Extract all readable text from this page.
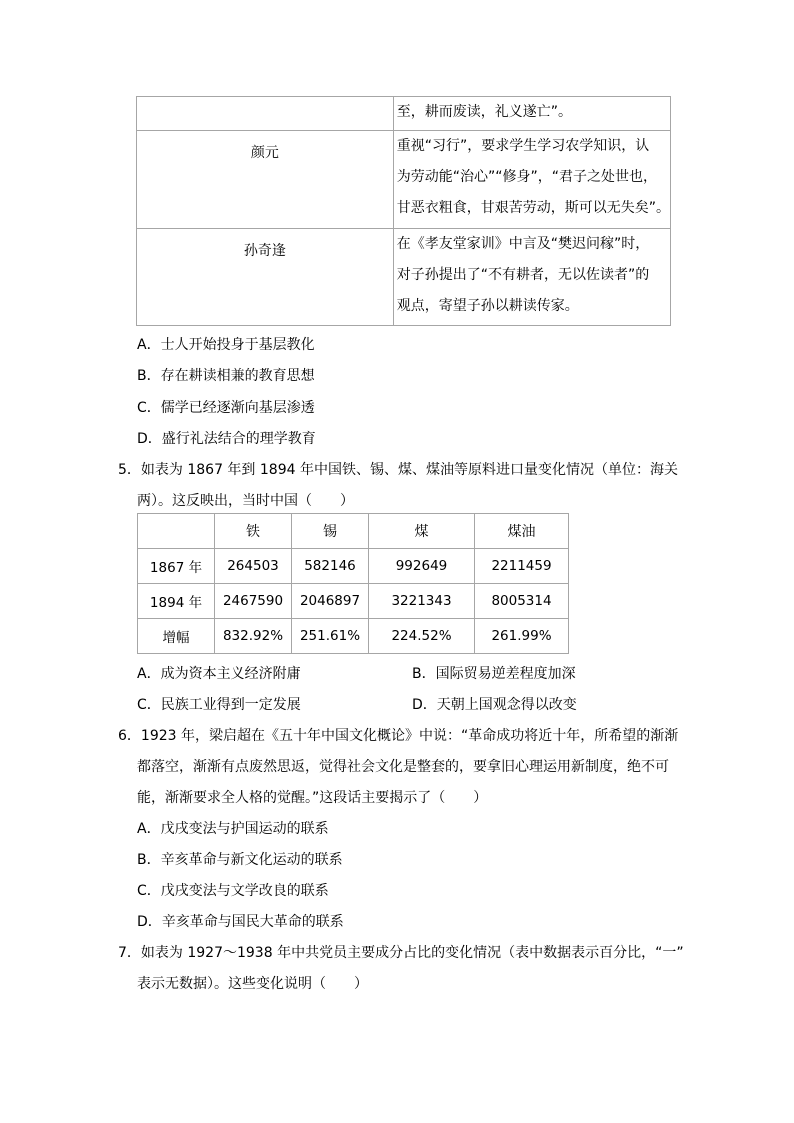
	至，耕而废读，礼义遂亡”。

颜元	重视“习行”，要求学生学习农学知识，认
为劳动能“治心”“修身”，“君子之处世也，
甘恶衣粗食，甘艰苦劳动，斯可以无失矣”。

孙奇逢	在《孝友堂家训》中言及“樊迟问稼”时，
对子孙提出了“不有耕者，无以佐读者”的
观点，寄望子孙以耕读传家。
A．士人开始投身于基层教化
B．存在耕读相兼的教育思想
C．儒学已经逐渐向基层渗透
D．盛行礼法结合的理学教育
5．如表为 1867 年到 1894 年中国铁、锡、煤、煤油等原料进口量变化情况（单位：海关
两）。这反映出，当时中国（　　）
	铁	锡	煤	煤油
1867 年	264503	582146	992649	2211459
1894 年	2467590	2046897	3221343	8005314
增幅	832.92%	251.61%	224.52%	261.99%
A．成为资本主义经济附庸	B．国际贸易逆差程度加深
C．民族工业得到一定发展	D．天朝上国观念得以改变
6．1923 年，梁启超在《五十年中国文化概论》中说：“革命成功将近十年，所希望的渐渐
都落空，渐渐有点废然思返，觉得社会文化是整套的，要拿旧心理运用新制度，绝不可
能，渐渐要求全人格的觉醒。”这段话主要揭示了（　　）
A．戊戌变法与护国运动的联系
B．辛亥革命与新文化运动的联系
C．戊戌变法与文学改良的联系
D．辛亥革命与国民大革命的联系
7．如表为 1927～1938 年中共党员主要成分占比的变化情况（表中数据表示百分比，“一”
表示无数据）。这些变化说明（　　）
